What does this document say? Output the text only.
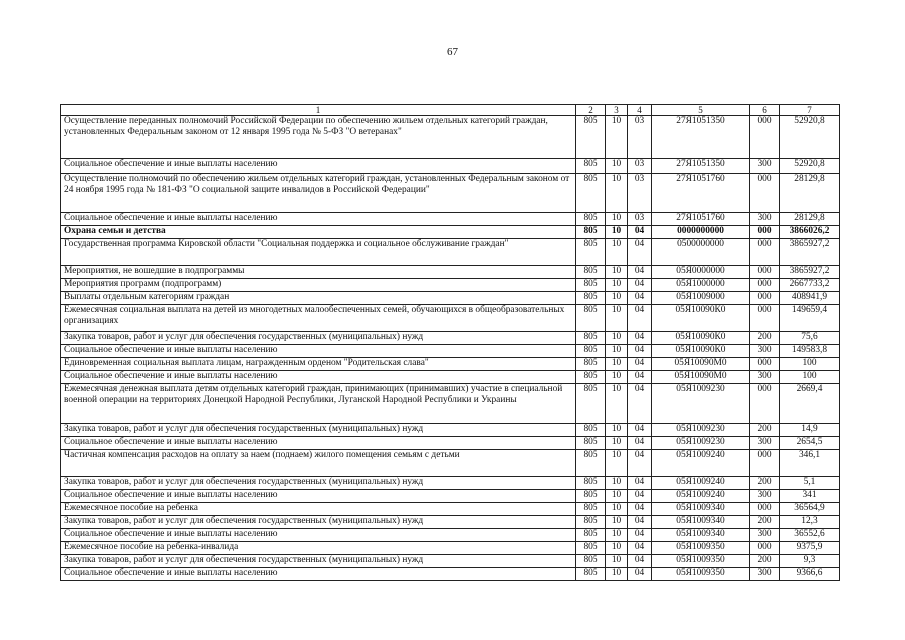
67
1	2	3	4	5	6	7
Осуществление переданных полномочий Российской Федерации по обеспечению жильем отдельных категорий граждан, установленных Федеральным законом от 12 января 1995 года № 5-ФЗ "О ветеранах"	805	10	03	27Я1051350	000	52920,8
Социальное обеспечение и иные выплаты населению	805	10	03	27Я1051350	300	52920,8
Осуществление полномочий по обеспечению жильем отдельных категорий граждан, установленных Федеральным законом от 24 ноября 1995 года № 181-ФЗ "О социальной защите инвалидов в Российской Федерации"	805	10	03	27Я1051760	000	28129,8
Социальное обеспечение и иные выплаты населению	805	10	03	27Я1051760	300	28129,8
Охрана семьи и детства	805	10	04	0000000000	000	3866026,2
Государственная программа Кировской области "Социальная поддержка и социальное обслуживание граждан"	805	10	04	0500000000	000	3865927,2
Мероприятия, не вошедшие в подпрограммы	805	10	04	05Я0000000	000	3865927,2
Мероприятия программ (подпрограмм)	805	10	04	05Я1000000	000	2667733,2
Выплаты отдельным категориям граждан	805	10	04	05Я1009000	000	408941,9
Ежемесячная социальная выплата на детей из многодетных малообеспеченных семей, обучающихся в общеобразовательных организациях	805	10	04	05Я10090К0	000	149659,4
Закупка товаров, работ и услуг для обеспечения государственных (муниципальных) нужд	805	10	04	05Я10090К0	200	75,6
Социальное обеспечение и иные выплаты населению	805	10	04	05Я10090К0	300	149583,8
Единовременная социальная выплата лицам, награжденным орденом "Родительская слава"	805	10	04	05Я10090М0	000	100
Социальное обеспечение и иные выплаты населению	805	10	04	05Я10090М0	300	100
Ежемесячная денежная выплата детям отдельных категорий граждан, принимающих (принимавших) участие в специальной военной операции на территориях Донецкой Народной Республики, Луганской Народной Республики и Украины	805	10	04	05Я1009230	000	2669,4
Закупка товаров, работ и услуг для обеспечения государственных (муниципальных) нужд	805	10	04	05Я1009230	200	14,9
Социальное обеспечение и иные выплаты населению	805	10	04	05Я1009230	300	2654,5
Частичная компенсация расходов на оплату за наем (поднаем) жилого помещения семьям с детьми	805	10	04	05Я1009240	000	346,1
Закупка товаров, работ и услуг для обеспечения государственных (муниципальных) нужд	805	10	04	05Я1009240	200	5,1
Социальное обеспечение и иные выплаты населению	805	10	04	05Я1009240	300	341
Ежемесячное пособие на ребенка	805	10	04	05Я1009340	000	36564,9
Закупка товаров, работ и услуг для обеспечения государственных (муниципальных) нужд	805	10	04	05Я1009340	200	12,3
Социальное обеспечение и иные выплаты населению	805	10	04	05Я1009340	300	36552,6
Ежемесячное пособие на ребенка-инвалида	805	10	04	05Я1009350	000	9375,9
Закупка товаров, работ и услуг для обеспечения государственных (муниципальных) нужд	805	10	04	05Я1009350	200	9,3
Социальное обеспечение и иные выплаты населению	805	10	04	05Я1009350	300	9366,6
